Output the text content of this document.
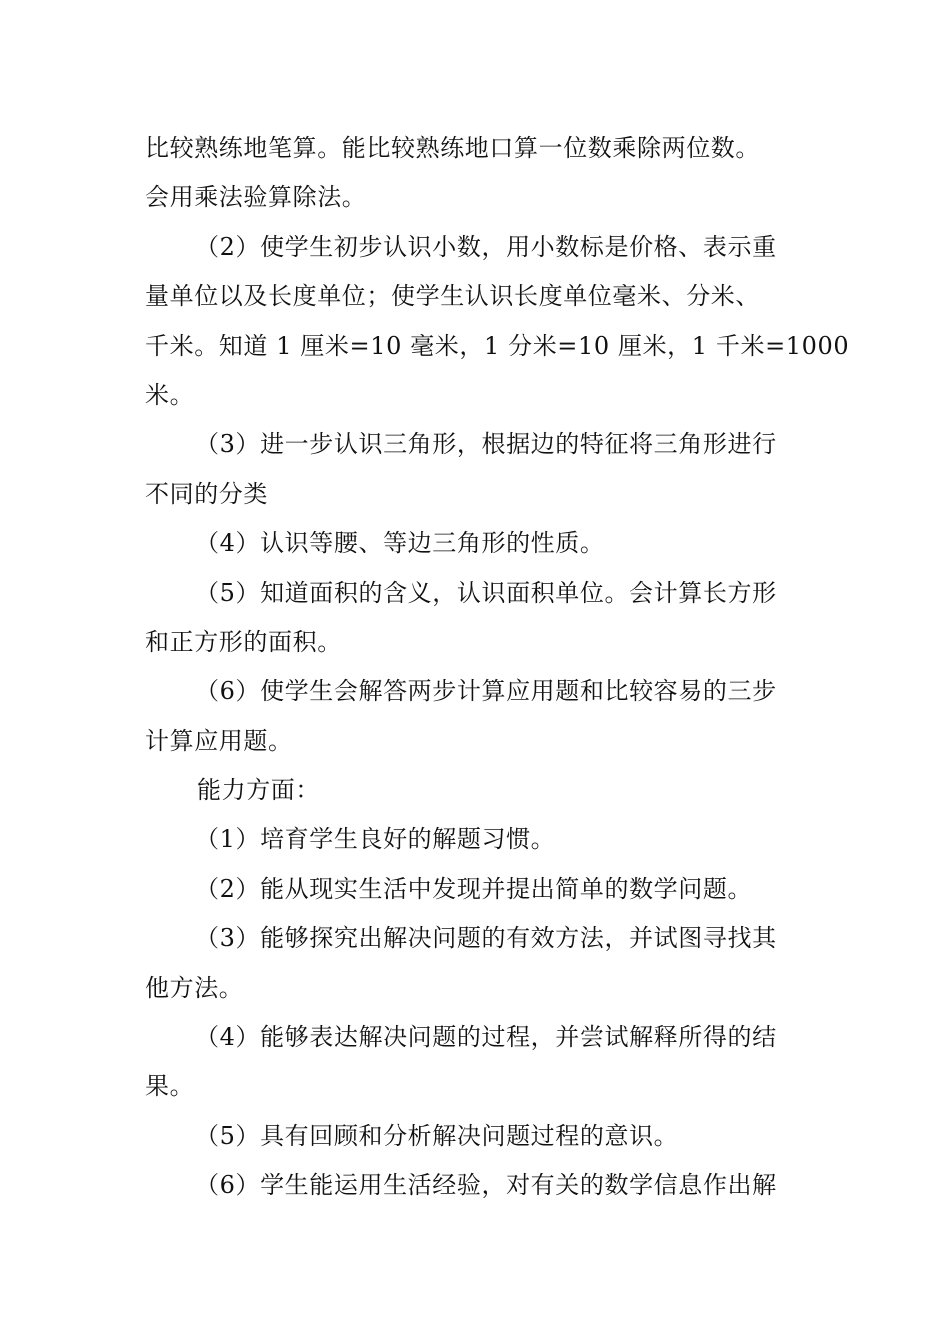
比较熟练地笔算。能比较熟练地口算一位数乘除两位数。
会用乘法验算除法。
（2）使学生初步认识小数，用小数标是价格、表示重
量单位以及长度单位；使学生认识长度单位毫米、分米、
千米。知道 1 厘米=10 毫米，1 分米=10 厘米，1 千米=1000
米。
（3）进一步认识三角形，根据边的特征将三角形进行
不同的分类
（4）认识等腰、等边三角形的性质。
（5）知道面积的含义，认识面积单位。会计算长方形
和正方形的面积。
（6）使学生会解答两步计算应用题和比较容易的三步
计算应用题。
能力方面：
（1）培育学生良好的解题习惯。
（2）能从现实生活中发现并提出简单的数学问题。
（3）能够探究出解决问题的有效方法，并试图寻找其
他方法。
（4）能够表达解决问题的过程，并尝试解释所得的结
果。
（5）具有回顾和分析解决问题过程的意识。
（6）学生能运用生活经验，对有关的数学信息作出解
